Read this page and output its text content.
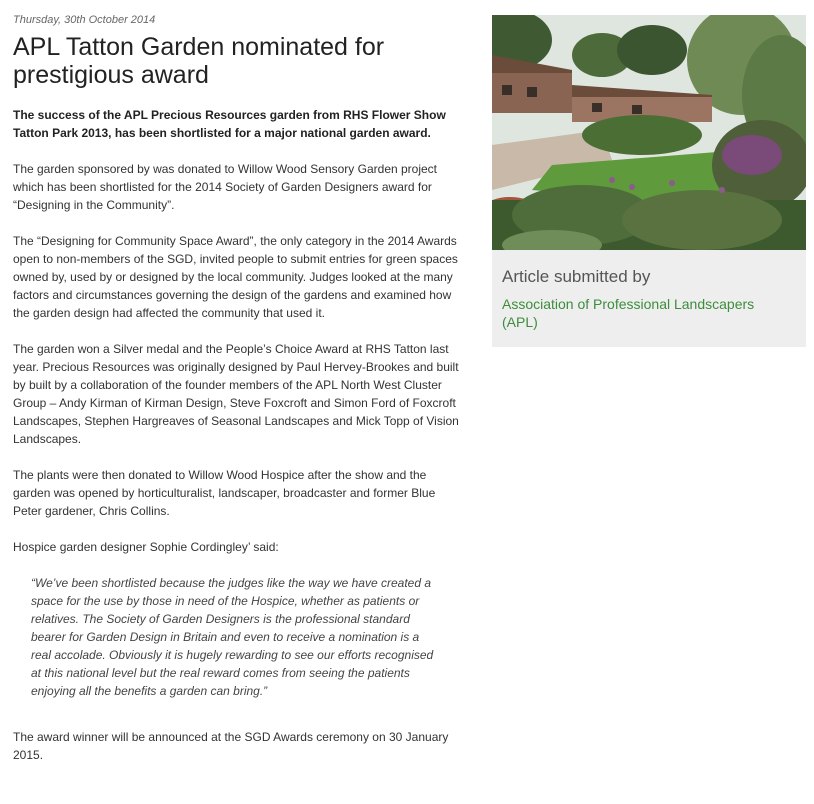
Thursday, 30th October 2014

APL Tatton Garden nominated for prestigious award

The success of the APL Precious Resources garden from RHS Flower Show Tatton Park 2013, has been shortlisted for a major national garden award.

The garden sponsored by was donated to Willow Wood Sensory Garden project which has been shortlisted for the 2014 Society of Garden Designers award for “Designing in the Community”.

The “Designing for Community Space Award”, the only category in the 2014 Awards open to non-members of the SGD, invited people to submit entries for green spaces owned by, used by or designed by the local community. Judges looked at the many factors and circumstances governing the design of the gardens and examined how the garden design had affected the community that used it.

The garden won a Silver medal and the People’s Choice Award at RHS Tatton last year. Precious Resources was originally designed by Paul Hervey-Brookes and built by built by a collaboration of the founder members of the APL North West Cluster Group – Andy Kirman of Kirman Design, Steve Foxcroft and Simon Ford of Foxcroft Landscapes, Stephen Hargreaves of Seasonal Landscapes and Mick Topp of Vision Landscapes.

The plants were then donated to Willow Wood Hospice after the show and the garden was opened by horticulturalist, landscaper, broadcaster and former Blue Peter gardener, Chris Collins.

Hospice garden designer Sophie Cordingley’ said:

“We’ve been shortlisted because the judges like the way we have created a space for the use by those in need of the Hospice, whether as patients or relatives. The Society of Garden Designers is the professional standard bearer for Garden Design in Britain and even to receive a nomination is a real accolade. Obviously it is hugely rewarding to see our efforts recognised at this national level but the real reward comes from seeing the patients enjoying all the benefits a garden can bring.”

The award winner will be announced at the SGD Awards ceremony on 30 January 2015.

Article submitted by

Association of Professional Landscapers (APL)
